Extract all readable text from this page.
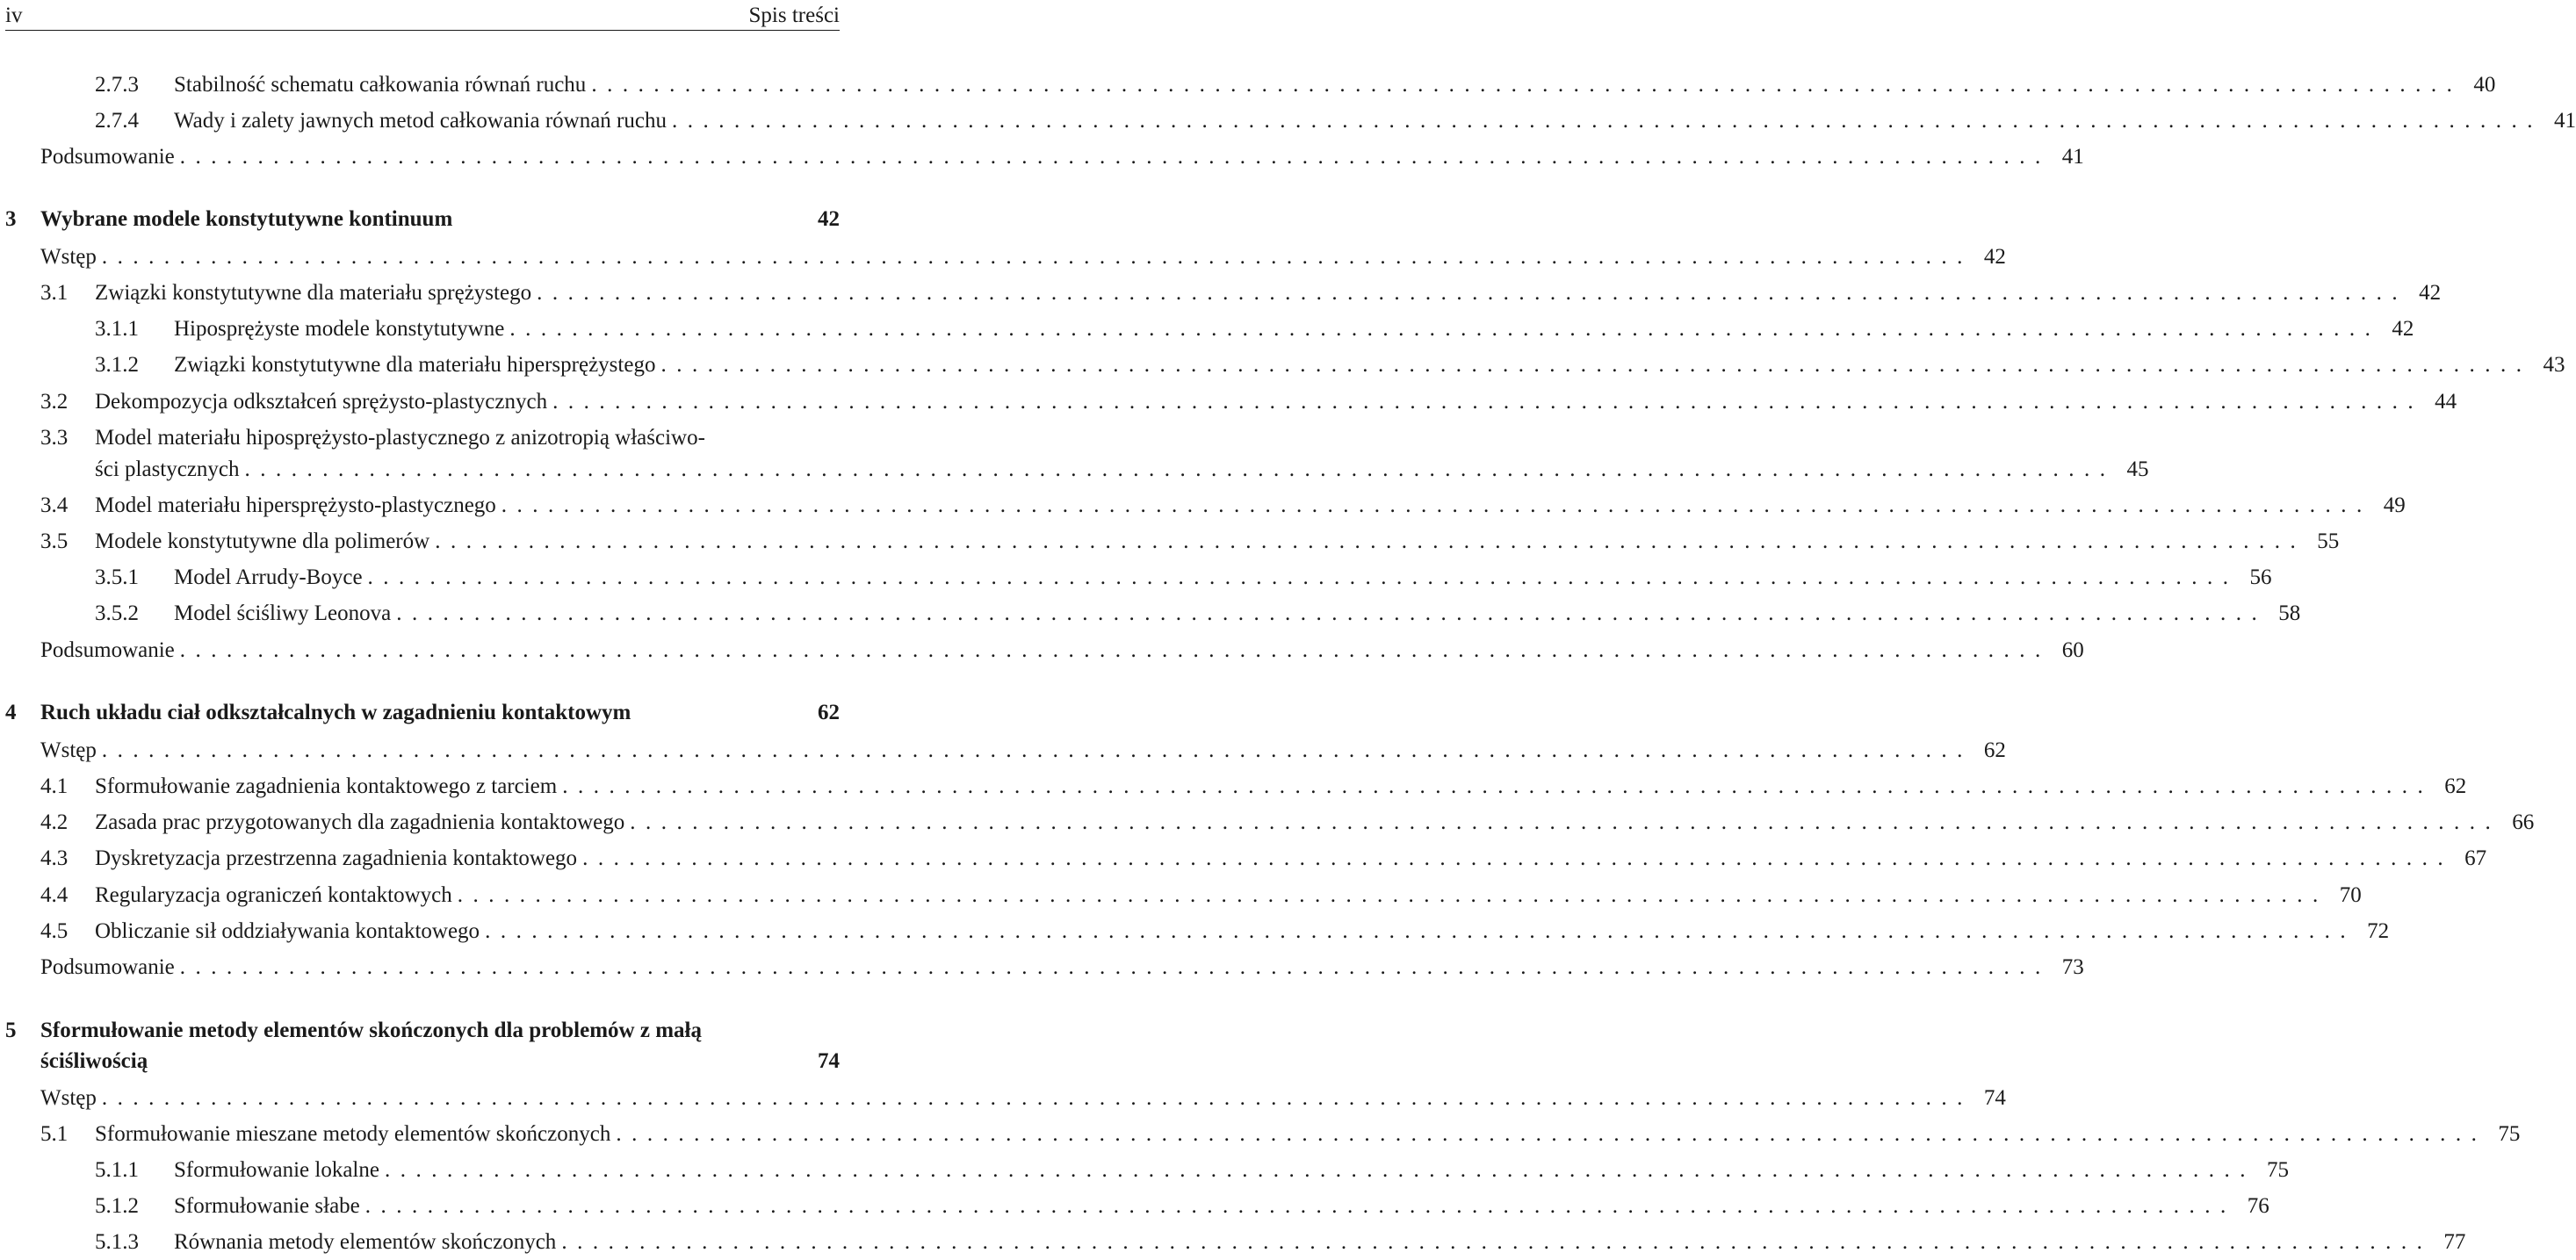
iv	Spis treści
2.7.3 Stabilność schematu całkowania równań ruchu ........................................................................................................................ 40
2.7.4 Wady i zalety jawnych metod całkowania równań ruchu ........................................................................................................................ 41
Podsumowanie ........................................................................................................................ 41
3 Wybrane modele konstytutywne kontinuum	42
Wstęp ........................................................................................................................ 42
3.1 Związki konstytutywne dla materiału sprężystego ........................................................................................................................ 42
3.1.1 Hiposprężyste modele konstytutywne ........................................................................................................................ 42
3.1.2 Związki konstytutywne dla materiału hipersprężystego ........................................................................................................................ 43
3.2 Dekompozycja odkształceń sprężysto-plastycznych ........................................................................................................................ 44
3.3 Model materiału hiposprężysto-plastycznego z anizotropią właściwo-
ści plastycznych ........................................................................................................................ 45
3.4 Model materiału hipersprężysto-plastycznego ........................................................................................................................ 49
3.5 Modele konstytutywne dla polimerów ........................................................................................................................ 55
3.5.1 Model Arrudy-Boyce ........................................................................................................................ 56
3.5.2 Model ściśliwy Leonova ........................................................................................................................ 58
Podsumowanie ........................................................................................................................ 60
4 Ruch układu ciał odkształcalnych w zagadnieniu kontaktowym	62
Wstęp ........................................................................................................................ 62
4.1 Sformułowanie zagadnienia kontaktowego z tarciem ........................................................................................................................ 62
4.2 Zasada prac przygotowanych dla zagadnienia kontaktowego ........................................................................................................................ 66
4.3 Dyskretyzacja przestrzenna zagadnienia kontaktowego ........................................................................................................................ 67
4.4 Regularyzacja ograniczeń kontaktowych ........................................................................................................................ 70
4.5 Obliczanie sił oddziaływania kontaktowego ........................................................................................................................ 72
Podsumowanie ........................................................................................................................ 73
5 Sformułowanie metody elementów skończonych dla problemów z małą
ściśliwością	74
Wstęp ........................................................................................................................ 74
5.1 Sformułowanie mieszane metody elementów skończonych ........................................................................................................................ 75
5.1.1 Sformułowanie lokalne ........................................................................................................................ 75
5.1.2 Sformułowanie słabe ........................................................................................................................ 76
5.1.3 Równania metody elementów skończonych ........................................................................................................................ 77
